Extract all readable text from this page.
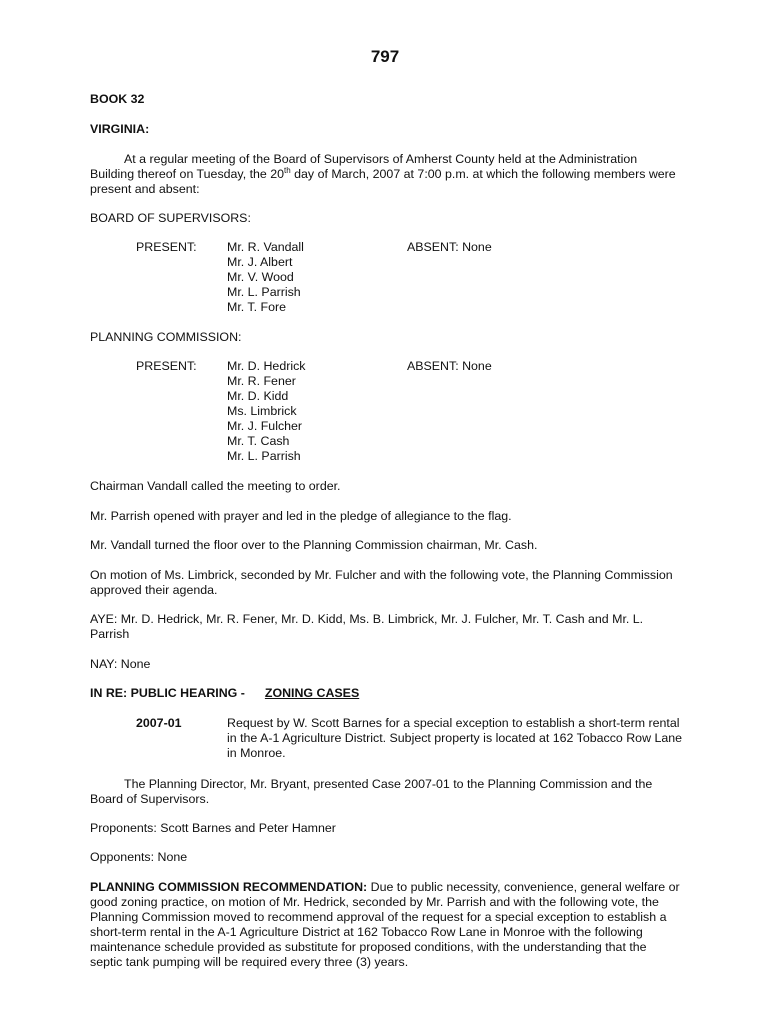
797
BOOK 32
VIRGINIA:
At a regular meeting of the Board of Supervisors of Amherst County held at the Administration Building thereof on Tuesday, the 20th day of March, 2007 at 7:00 p.m. at which the following members were present and absent:
BOARD OF SUPERVISORS:
PRESENT: Mr. R. Vandall
Mr. J. Albert
Mr. V. Wood
Mr. L. Parrish
Mr. T. Fore
ABSENT: None
PLANNING COMMISSION:
PRESENT: Mr. D. Hedrick
Mr. R. Fener
Mr. D. Kidd
Ms. Limbrick
Mr. J. Fulcher
Mr. T. Cash
Mr. L. Parrish
ABSENT: None
Chairman Vandall called the meeting to order.
Mr. Parrish opened with prayer and led in the pledge of allegiance to the flag.
Mr. Vandall turned the floor over to the Planning Commission chairman, Mr. Cash.
On motion of Ms. Limbrick, seconded by Mr. Fulcher and with the following vote, the Planning Commission approved their agenda.
AYE: Mr. D. Hedrick, Mr. R. Fener, Mr. D. Kidd, Ms. B. Limbrick, Mr. J. Fulcher, Mr. T. Cash and Mr. L. Parrish
NAY: None
IN RE: PUBLIC HEARING - ZONING CASES
2007-01	Request by W. Scott Barnes for a special exception to establish a short-term rental in the A-1 Agriculture District. Subject property is located at 162 Tobacco Row Lane in Monroe.
The Planning Director, Mr. Bryant, presented Case 2007-01 to the Planning Commission and the Board of Supervisors.
Proponents: Scott Barnes and Peter Hamner
Opponents: None
PLANNING COMMISSION RECOMMENDATION: Due to public necessity, convenience, general welfare or good zoning practice, on motion of Mr. Hedrick, seconded by Mr. Parrish and with the following vote, the Planning Commission moved to recommend approval of the request for a special exception to establish a short-term rental in the A-1 Agriculture District at 162 Tobacco Row Lane in Monroe with the following maintenance schedule provided as substitute for proposed conditions, with the understanding that the septic tank pumping will be required every three (3) years.
